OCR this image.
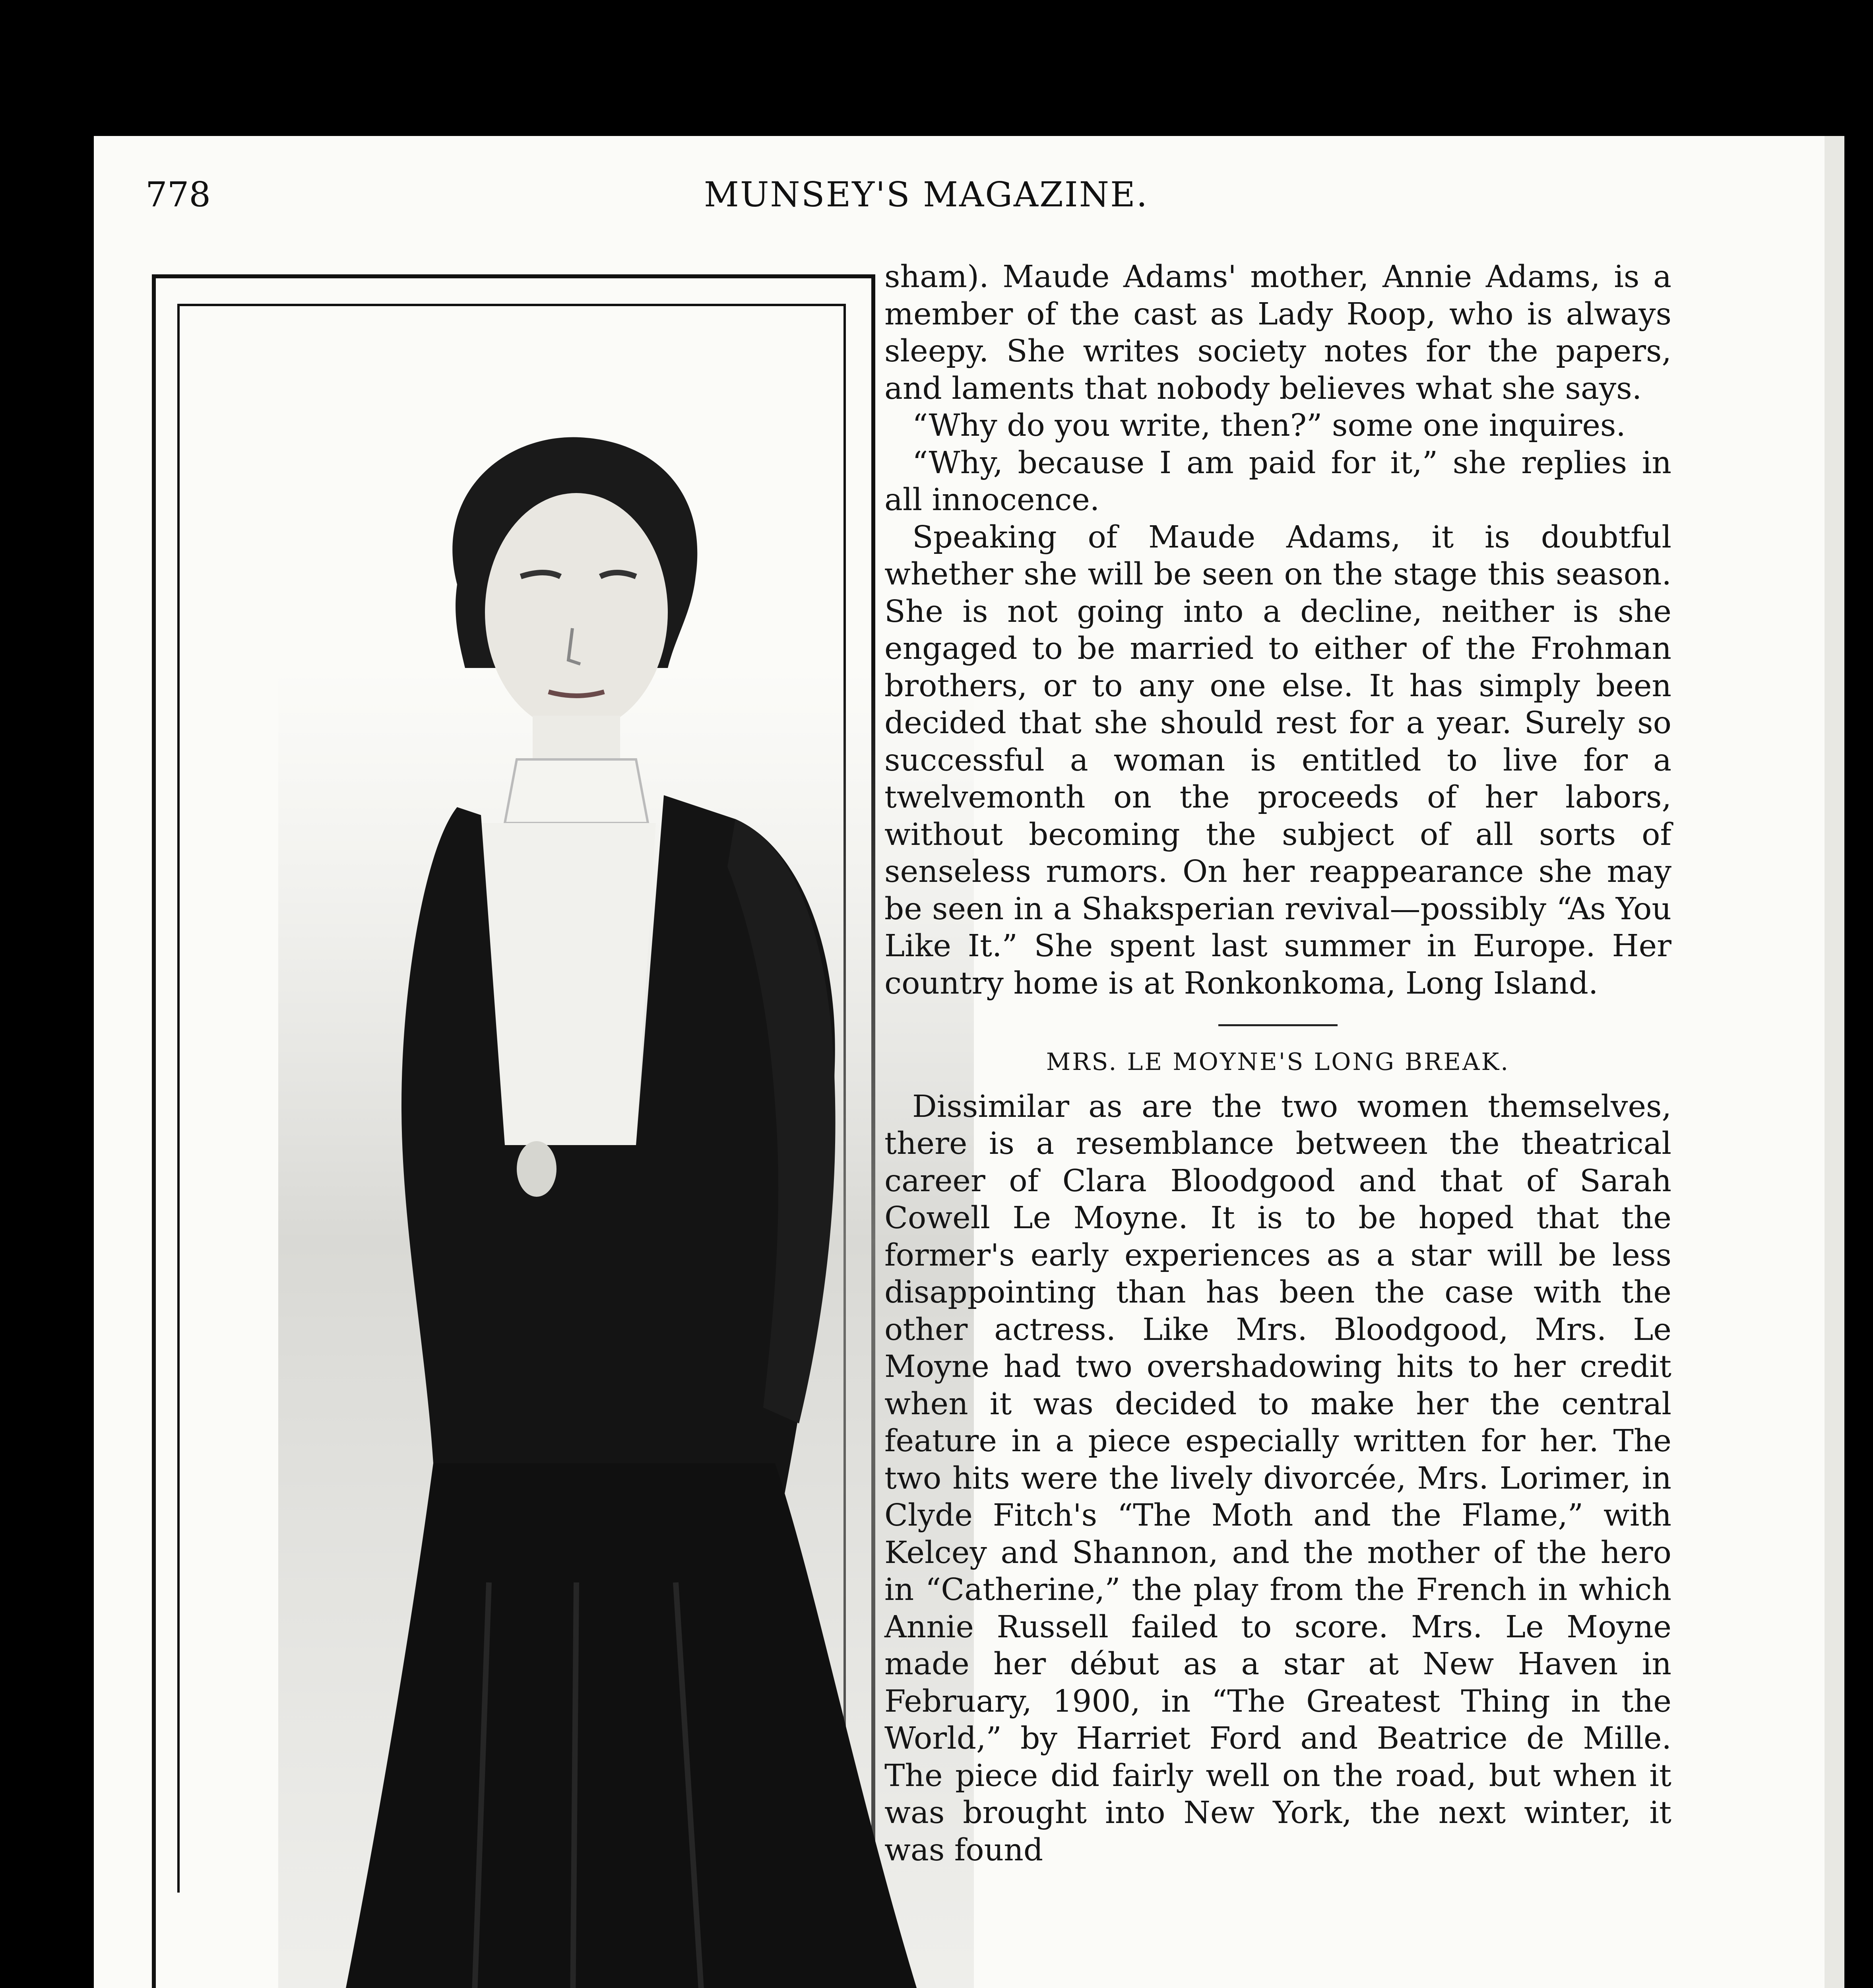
778	MUNSEY'S MAGAZINE.

sham). Maude Adams' mother, Annie Adams, is a member of the cast as Lady Roop, who is always sleepy. She writes society notes for the papers, and laments that nobody believes what she says.

“Why do you write, then?” some one inquires.

“Why, because I am paid for it,” she replies in all innocence.

Speaking of Maude Adams, it is doubtful whether she will be seen on the stage this season. She is not going into a decline, neither is she engaged to be married to either of the Frohman brothers, or to any one else. It has simply been decided that she should rest for a year. Surely so successful a woman is entitled to live for a twelvemonth on the proceeds of her labors, without becoming the subject of all sorts of senseless rumors. On her reappearance she may be seen in a Shaksperian revival—possibly “As You Like It.” She spent last summer in Europe. Her country home is at Ronkonkoma, Long Island.

MRS. LE MOYNE'S LONG BREAK.

Dissimilar as are the two women themselves, there is a resemblance between the theatrical career of Clara Bloodgood and that of Sarah Cowell Le Moyne. It is to be hoped that the former's early experiences as a star will be less disappointing than has been the case with the other actress. Like Mrs. Bloodgood, Mrs. Le Moyne had two overshadowing hits to her credit when it was decided to make her the central feature in a piece especially written for her. The two hits were the lively divorcée, Mrs. Lorimer, in Clyde Fitch's “The Moth and the Flame,” with Kelcey and Shannon, and the mother of the hero in “Catherine,” the play from the French in which Annie Russell failed to score. Mrs. Le Moyne made her début as a star at New Haven in February, 1900, in “The Greatest Thing in the World,” by Harriet Ford and Beatrice de Mille. The piece did fairly well on the road, but when it was brought into New York, the next winter, it was found
